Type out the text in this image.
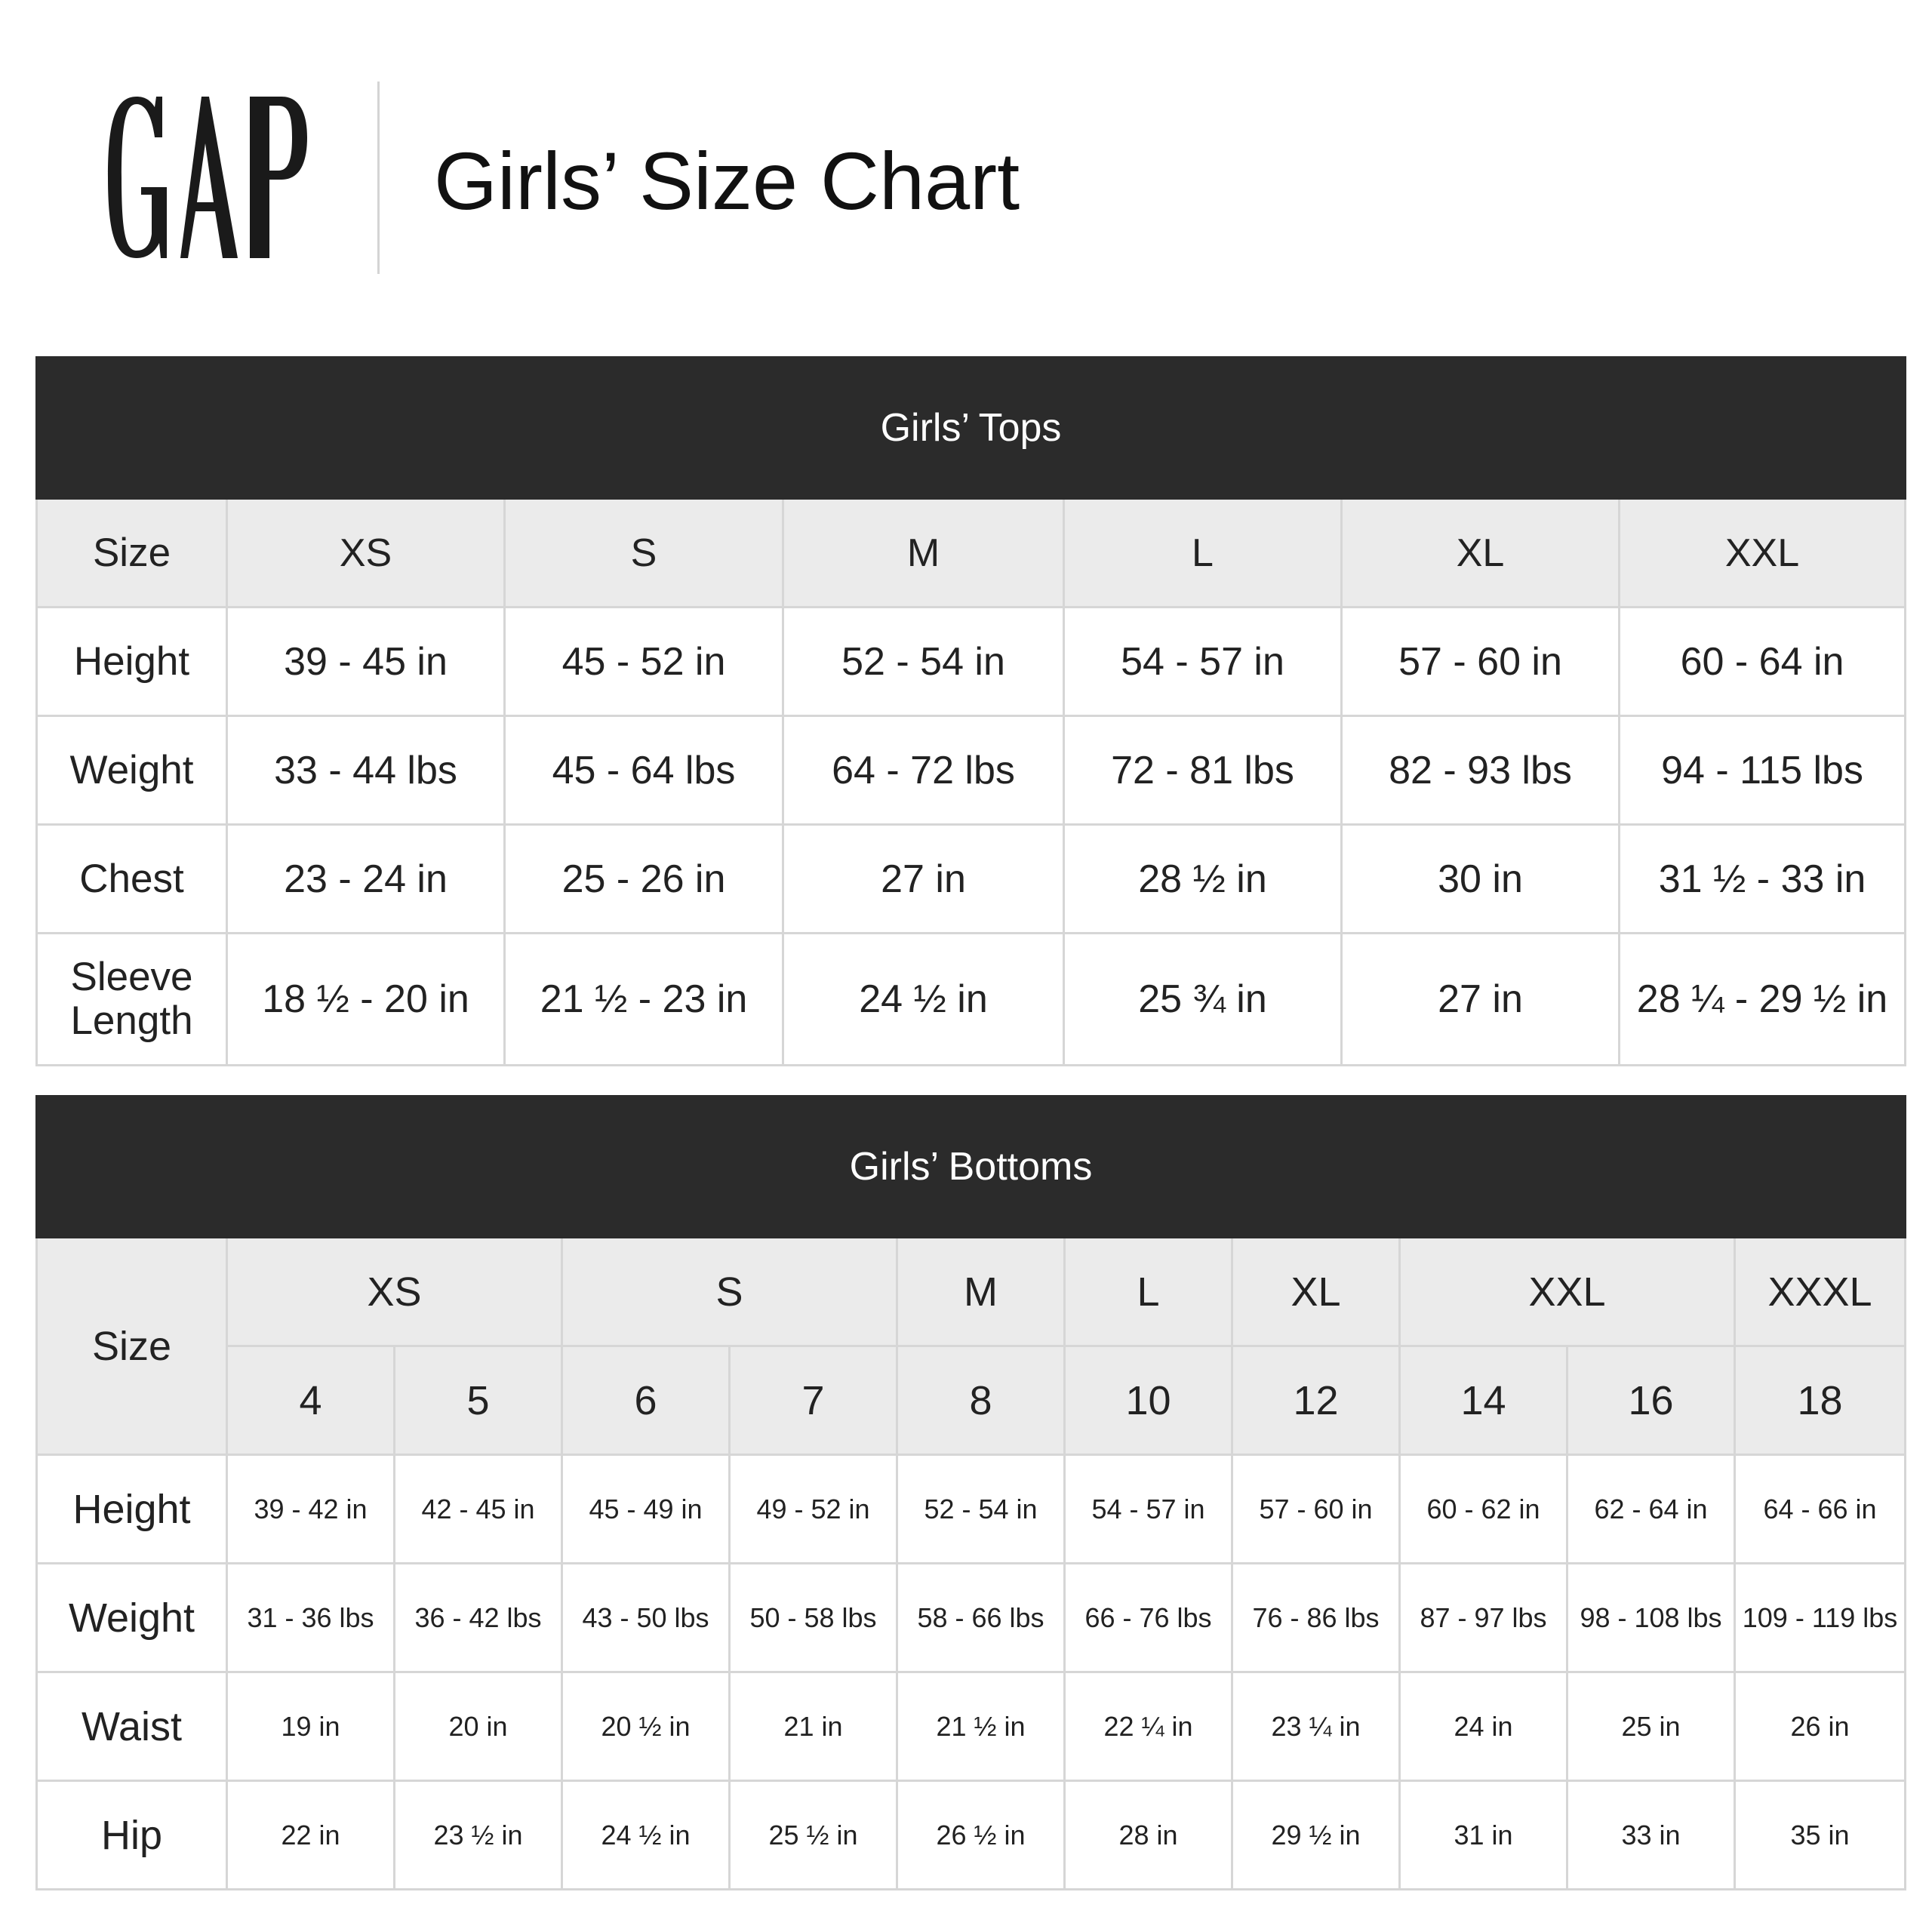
Girls’ Size Chart
Girls’ Tops						
Size	XS	S	M	L	XL	XXL
Height	39 - 45 in	45 - 52 in	52 - 54 in	54 - 57 in	57 - 60 in	60 - 64 in
Weight	33 - 44 lbs	45 - 64 lbs	64 - 72 lbs	72 - 81 lbs	82 - 93 lbs	94 - 115 lbs
Chest	23 - 24 in	25 - 26 in	27 in	28 ½ in	30 in	31 ½ - 33 in
Sleeve
Length	18 ½ - 20 in	21 ½ - 23 in	24 ½ in	25 ¾ in	27 in	28 ¼ - 29 ½ in
Girls’ Bottoms										
Size	XS		S		M	L	XL	XXL		XXXL
	4	5	6	7	8	10	12	14	16	18
Height	39 - 42 in	42 - 45 in	45 - 49 in	49 - 52 in	52 - 54 in	54 - 57 in	57 - 60 in	60 - 62 in	62 - 64 in	64 - 66 in
Weight	31 - 36 lbs	36 - 42 lbs	43 - 50 lbs	50 - 58 lbs	58 - 66 lbs	66 - 76 lbs	76 - 86 lbs	87 - 97 lbs	98 - 108 lbs	109 - 119 lbs
Waist	19 in	20 in	20 ½ in	21 in	21 ½ in	22 ¼ in	23 ¼ in	24 in	25 in	26 in
Hip	22 in	23 ½ in	24 ½ in	25 ½ in	26 ½ in	28 in	29 ½ in	31 in	33 in	35 in
